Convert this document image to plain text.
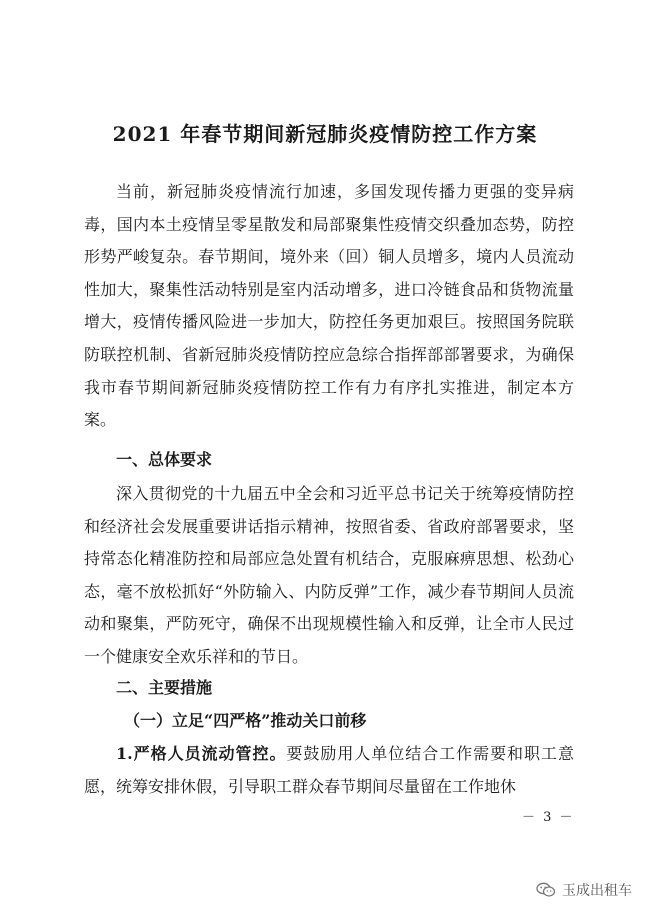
2021 年春节期间新冠肺炎疫情防控工作方案

当前，新冠肺炎疫情流行加速，多国发现传播力更强的变异病毒，国内本土疫情呈零星散发和局部聚集性疫情交织叠加态势，防控形势严峻复杂。春节期间，境外来（回）铜人员增多，境内人员流动性加大，聚集性活动特别是室内活动增多，进口冷链食品和货物流量增大，疫情传播风险进一步加大，防控任务更加艰巨。按照国务院联防联控机制、省新冠肺炎疫情防控应急综合指挥部部署要求，为确保我市春节期间新冠肺炎疫情防控工作有力有序扎实推进，制定本方案。

一、总体要求

深入贯彻党的十九届五中全会和习近平总书记关于统筹疫情防控和经济社会发展重要讲话指示精神，按照省委、省政府部署要求，坚持常态化精准防控和局部应急处置有机结合，克服麻痹思想、松劲心态，毫不放松抓好“外防输入、内防反弹”工作，减少春节期间人员流动和聚集，严防死守，确保不出现规模性输入和反弹，让全市人民过一个健康安全欢乐祥和的节日。

二、主要措施
（一）立足“四严格”推动关口前移

1.严格人员流动管控。要鼓励用人单位结合工作需要和职工意愿，统筹安排休假，引导职工群众春节期间尽量留在工作地休

－ 3 －
玉成出租车
